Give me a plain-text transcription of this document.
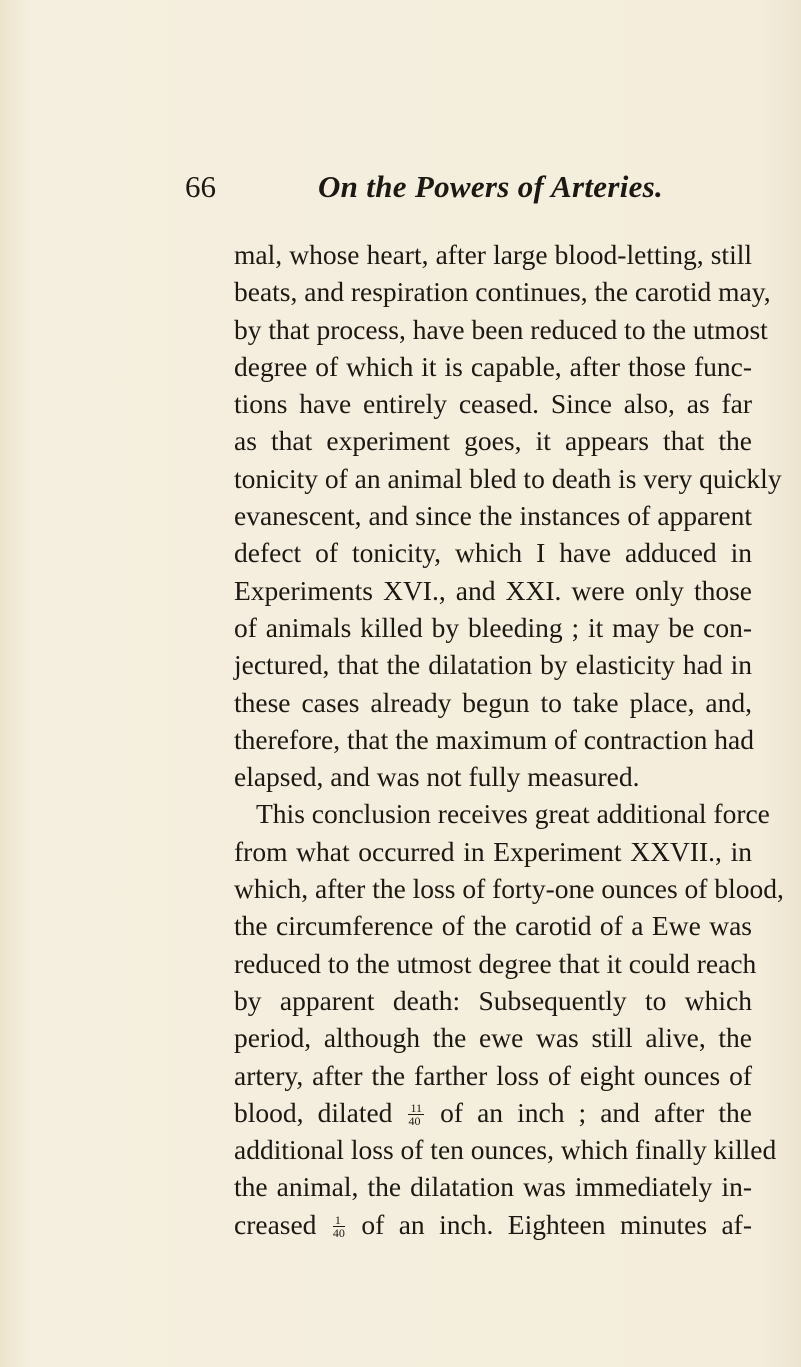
66	On the Powers of Arteries.
mal, whose heart, after large blood-letting, still
beats, and respiration continues, the carotid may,
by that process, have been reduced to the utmost
degree of which it is capable, after those func-
tions have entirely ceased. Since also, as far
as that experiment goes, it appears that the
tonicity of an animal bled to death is very quickly
evanescent, and since the instances of apparent
defect of tonicity, which I have adduced in
Experiments XVI., and XXI. were only those
of animals killed by bleeding ; it may be con-
jectured, that the dilatation by elasticity had in
these cases already begun to take place, and,
therefore, that the maximum of contraction had
elapsed, and was not fully measured.
This conclusion receives great additional force
from what occurred in Experiment XXVII., in
which, after the loss of forty-one ounces of blood,
the circumference of the carotid of a Ewe was
reduced to the utmost degree that it could reach
by apparent death: Subsequently to which
period, although the ewe was still alive, the
artery, after the farther loss of eight ounces of
blood, dilated $\frac{11}{40}$ of an inch ; and after the
additional loss of ten ounces, which finally killed
the animal, the dilatation was immediately in-
creased $\frac{1}{40}$ of an inch. Eighteen minutes af-
